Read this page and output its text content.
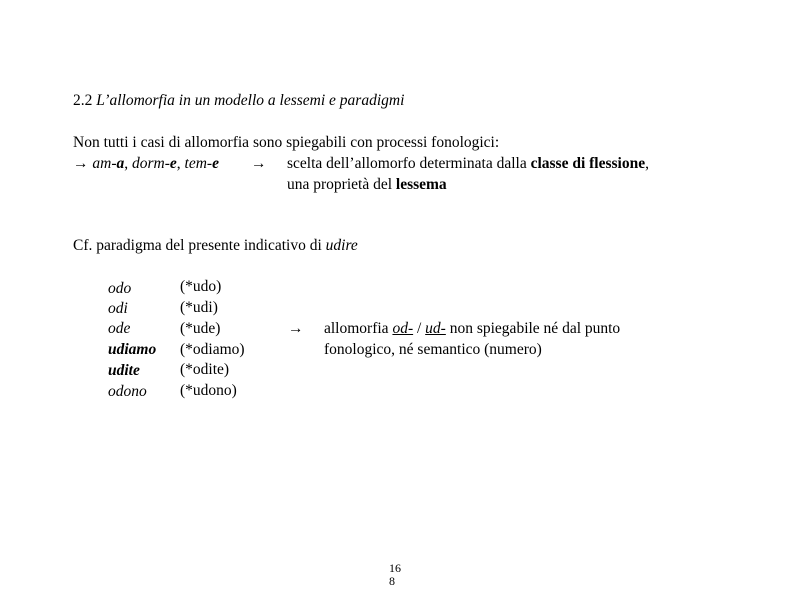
2.2 L’allomorfia in un modello a lessemi e paradigmi
Non tutti i casi di allomorfia sono spiegabili con processi fonologici:
→ am-a, dorm-e, tem-e → scelta dell’allomorfo determinata dalla classe di flessione,
una proprietà del lessema
Cf. paradigma del presente indicativo di udire
odo
odi
ode
udiamo
udite
odono
(*udo)
(*udi)
(*ude)
(*odiamo)
(*odite)
(*udono)
→ allomorfia od- / ud- non spiegabile né dal punto
fonologico, né semantico (numero)
16
8
